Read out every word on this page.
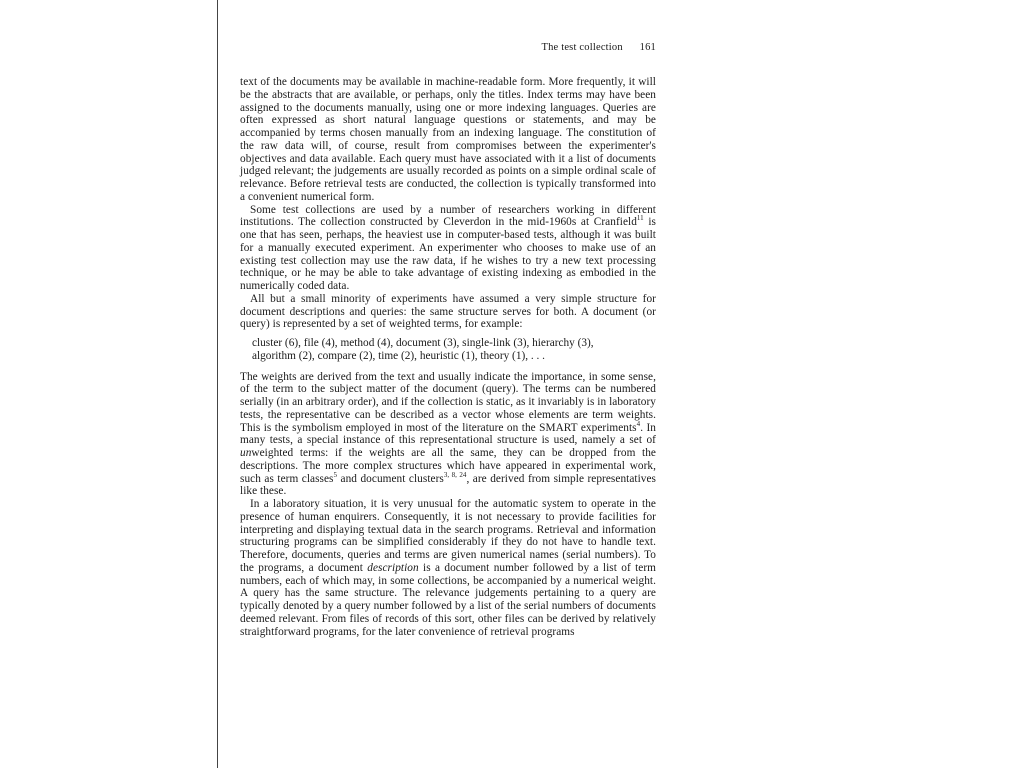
The test collection 161

text of the documents may be available in machine-readable form. More frequently, it will be the abstracts that are available, or perhaps, only the titles. Index terms may have been assigned to the documents manually, using one or more indexing languages. Queries are often expressed as short natural language questions or statements, and may be accompanied by terms chosen manually from an indexing language. The constitution of the raw data will, of course, result from compromises between the experimenter's objectives and data available. Each query must have associated with it a list of documents judged relevant; the judgements are usually recorded as points on a simple ordinal scale of relevance. Before retrieval tests are conducted, the collection is typically transformed into a convenient numerical form.

Some test collections are used by a number of researchers working in different institutions. The collection constructed by Cleverdon in the mid-1960s at Cranfield$^{11}$ is one that has seen, perhaps, the heaviest use in computer-based tests, although it was built for a manually executed experiment. An experimenter who chooses to make use of an existing test collection may use the raw data, if he wishes to try a new text processing technique, or he may be able to take advantage of existing indexing as embodied in the numerically coded data.

All but a small minority of experiments have assumed a very simple structure for document descriptions and queries: the same structure serves for both. A document (or query) is represented by a set of weighted terms, for example:

cluster (6), file (4), method (4), document (3), single-link (3), hierarchy (3),
algorithm (2), compare (2), time (2), heuristic (1), theory (1), . . .

The weights are derived from the text and usually indicate the importance, in some sense, of the term to the subject matter of the document (query). The terms can be numbered serially (in an arbitrary order), and if the collection is static, as it invariably is in laboratory tests, the representative can be described as a vector whose elements are term weights. This is the symbolism employed in most of the literature on the SMART experiments$^4$. In many tests, a special instance of this representational structure is used, namely a set of unweighted terms: if the weights are all the same, they can be dropped from the descriptions. The more complex structures which have appeared in experimental work, such as term classes$^5$ and document clusters$^{3, 8, 24}$, are derived from simple representatives like these.

In a laboratory situation, it is very unusual for the automatic system to operate in the presence of human enquirers. Consequently, it is not necessary to provide facilities for interpreting and displaying textual data in the search programs. Retrieval and information structuring programs can be simplified considerably if they do not have to handle text. Therefore, documents, queries and terms are given numerical names (serial numbers). To the programs, a document description is a document number followed by a list of term numbers, each of which may, in some collections, be accompanied by a numerical weight. A query has the same structure. The relevance judgements pertaining to a query are typically denoted by a query number followed by a list of the serial numbers of documents deemed relevant. From files of records of this sort, other files can be derived by relatively straightforward programs, for the later convenience of retrieval programs
